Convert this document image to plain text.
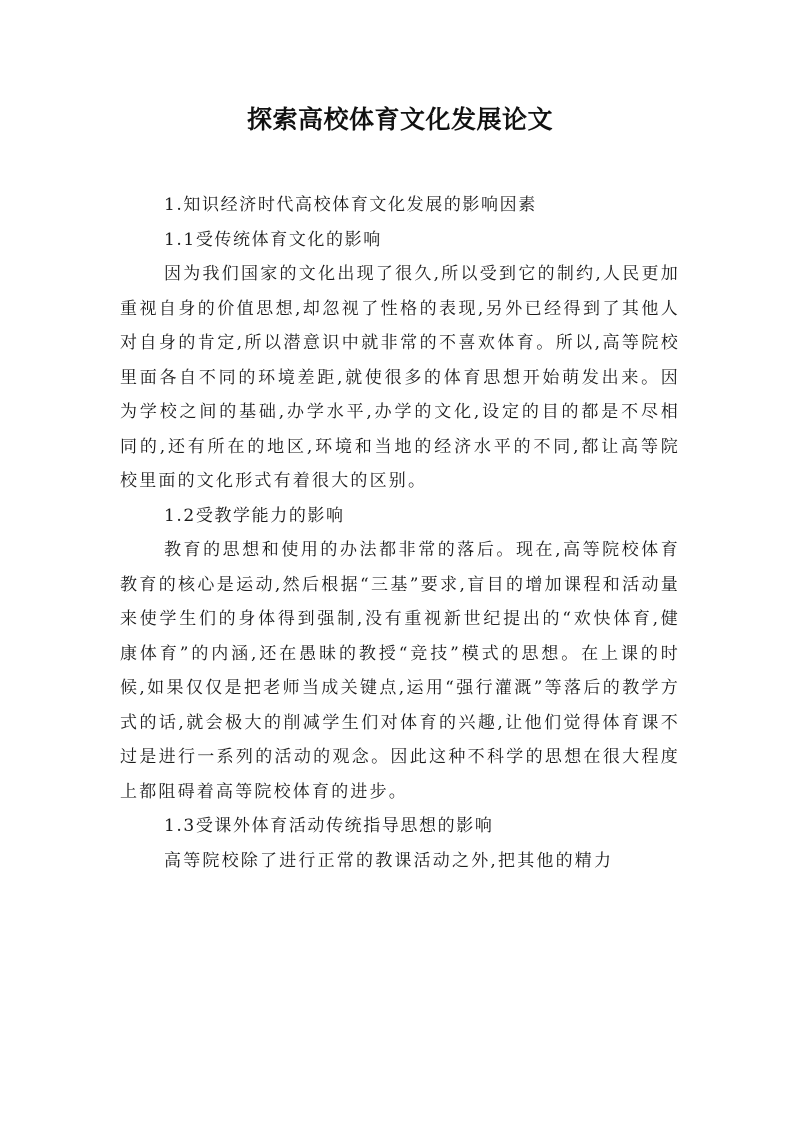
探索高校体育文化发展论文

1.知识经济时代高校体育文化发展的影响因素

1.1受传统体育文化的影响

因为我们国家的文化出现了很久,所以受到它的制约,人民更加重视自身的价值思想,却忽视了性格的表现,另外已经得到了其他人对自身的肯定,所以潜意识中就非常的不喜欢体育。所以,高等院校里面各自不同的环境差距,就使很多的体育思想开始萌发出来。因为学校之间的基础,办学水平,办学的文化,设定的目的都是不尽相同的,还有所在的地区,环境和当地的经济水平的不同,都让高等院校里面的文化形式有着很大的区别。

1.2受教学能力的影响

教育的思想和使用的办法都非常的落后。现在,高等院校体育教育的核心是运动,然后根据“三基”要求,盲目的增加课程和活动量来使学生们的身体得到强制,没有重视新世纪提出的“欢快体育,健康体育”的内涵,还在愚昧的教授“竞技”模式的思想。在上课的时候,如果仅仅是把老师当成关键点,运用“强行灌溉”等落后的教学方式的话,就会极大的削减学生们对体育的兴趣,让他们觉得体育课不过是进行一系列的活动的观念。因此这种不科学的思想在很大程度上都阻碍着高等院校体育的进步。

1.3受课外体育活动传统指导思想的影响

高等院校除了进行正常的教课活动之外,把其他的精力
